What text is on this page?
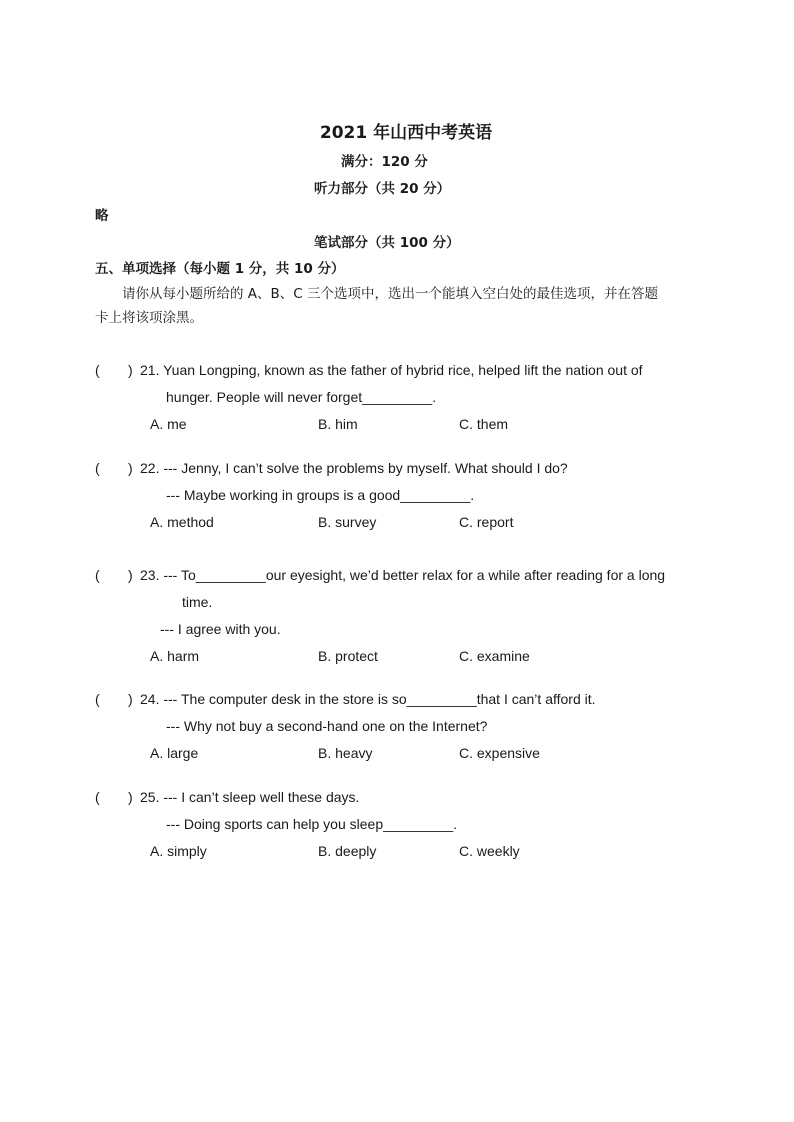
2021 年山西中考英语
满分：120 分
听力部分（共 20 分）
略
笔试部分（共 100 分）
五、单项选择（每小题 1 分，共 10 分）
请你从每小题所给的 A、B、C 三个选项中，选出一个能填入空白处的最佳选项，并在答题
卡上将该项涂黑。
( ) 21. Yuan Longping, known as the father of hybrid rice, helped lift the nation out of
hunger. People will never forget_________.
A. me	B. him	C. them
( ) 22. --- Jenny, I can’t solve the problems by myself. What should I do?
--- Maybe working in groups is a good_________.
A. method	B. survey	C. report
( ) 23. --- To_________our eyesight, we’d better relax for a while after reading for a long
time.
--- I agree with you.
A. harm	B. protect	C. examine
( ) 24. --- The computer desk in the store is so_________that I can’t afford it.
--- Why not buy a second-hand one on the Internet?
A. large	B. heavy	C. expensive
( ) 25. --- I can’t sleep well these days.
--- Doing sports can help you sleep_________.
A. simply	B. deeply	C. weekly
